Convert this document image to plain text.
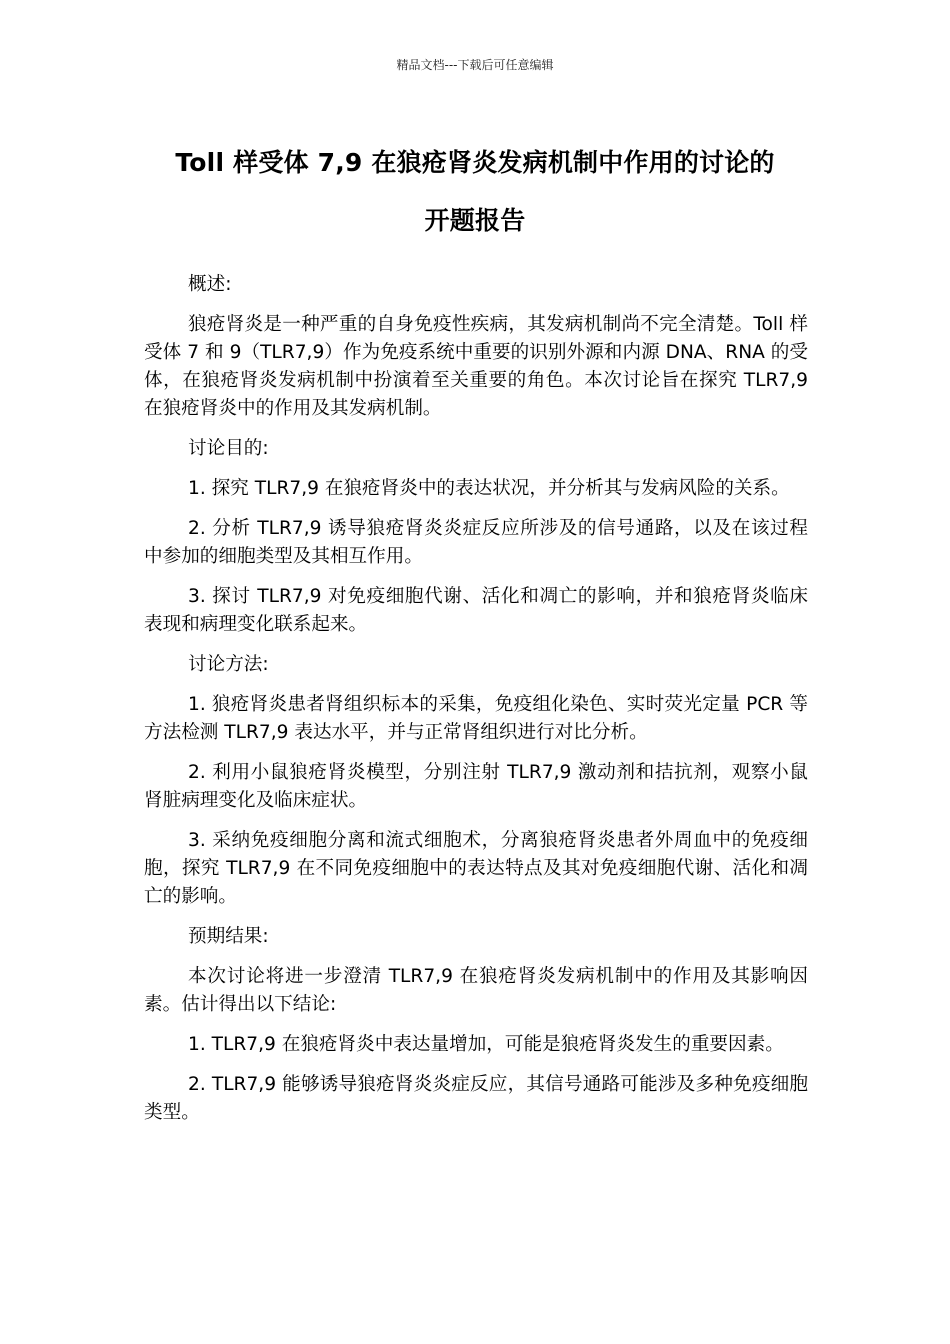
精品文档---下载后可任意编辑
Toll 样受体 7,9 在狼疮肾炎发病机制中作用的讨论的
开题报告

概述:

狼疮肾炎是一种严重的自身免疫性疾病，其发病机制尚不完全清楚。Toll 样受体 7 和 9（TLR7,9）作为免疫系统中重要的识别外源和内源 DNA、RNA 的受体，在狼疮肾炎发病机制中扮演着至关重要的角色。本次讨论旨在探究 TLR7,9 在狼疮肾炎中的作用及其发病机制。

讨论目的:

1. 探究 TLR7,9 在狼疮肾炎中的表达状况，并分析其与发病风险的关系。

2. 分析 TLR7,9 诱导狼疮肾炎炎症反应所涉及的信号通路，以及在该过程中参加的细胞类型及其相互作用。

3. 探讨 TLR7,9 对免疫细胞代谢、活化和凋亡的影响，并和狼疮肾炎临床表现和病理变化联系起来。

讨论方法:

1. 狼疮肾炎患者肾组织标本的采集，免疫组化染色、实时荧光定量 PCR 等方法检测 TLR7,9 表达水平，并与正常肾组织进行对比分析。

2. 利用小鼠狼疮肾炎模型，分别注射 TLR7,9 激动剂和拮抗剂，观察小鼠肾脏病理变化及临床症状。

3. 采纳免疫细胞分离和流式细胞术，分离狼疮肾炎患者外周血中的免疫细胞，探究 TLR7,9 在不同免疫细胞中的表达特点及其对免疫细胞代谢、活化和凋亡的影响。

预期结果:

本次讨论将进一步澄清 TLR7,9 在狼疮肾炎发病机制中的作用及其影响因素。估计得出以下结论:

1. TLR7,9 在狼疮肾炎中表达量增加，可能是狼疮肾炎发生的重要因素。

2. TLR7,9 能够诱导狼疮肾炎炎症反应，其信号通路可能涉及多种免疫细胞类型。
